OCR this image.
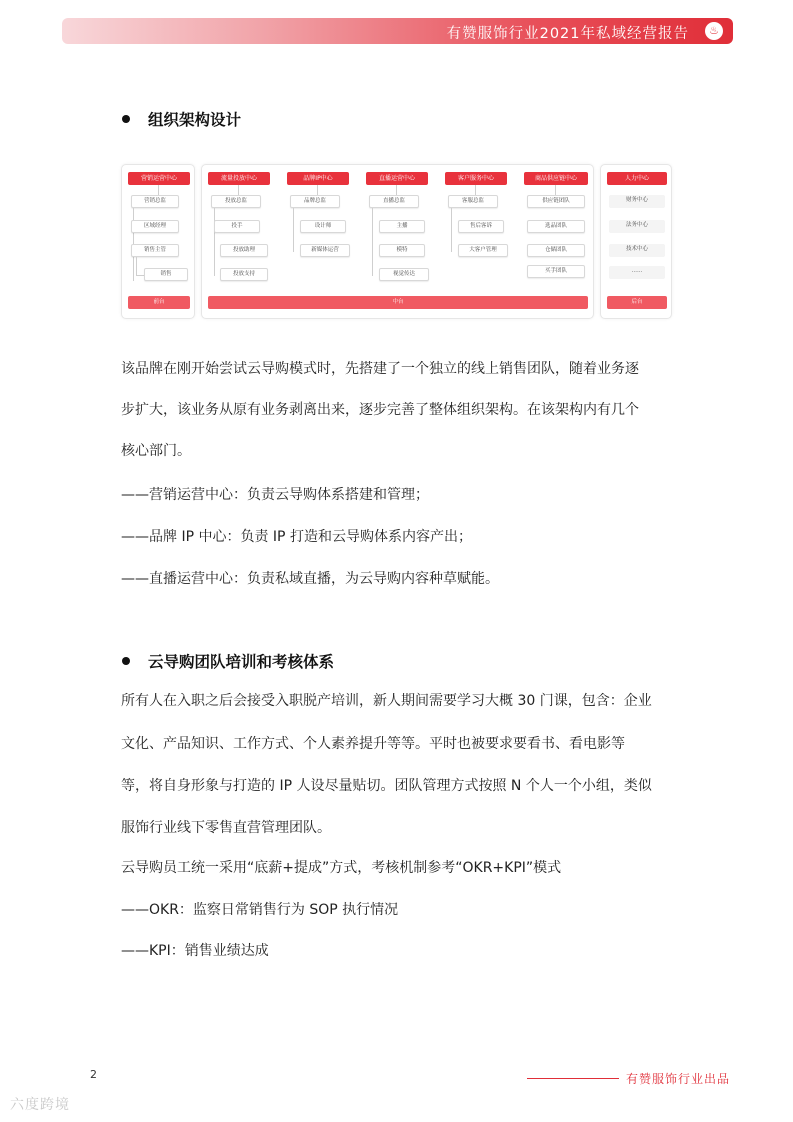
有赞服饰行业2021年私域经营报告	♨
组织架构设计
营销运营中心
营销总监
区域经理
销售主管
销售
前台
流量投放中心
投放总监
投手
投放助理
投放支持
品牌IP中心
品牌总监
设计师
新媒体运营
直播运营中心
直播总监
主播
模特
视觉传达
客户服务中心
客服总监
售后客诉
大客户管理
商品供应链中心
供应链团队
选品团队
仓储团队
买手团队
中台
人力中心
财务中心
法务中心
技术中心
……
后台
该品牌在刚开始尝试云导购模式时，先搭建了一个独立的线上销售团队，随着业务逐
步扩大，该业务从原有业务剥离出来，逐步完善了整体组织架构。在该架构内有几个
核心部门。
——营销运营中心：负责云导购体系搭建和管理；
——品牌 IP 中心：负责 IP 打造和云导购体系内容产出；
——直播运营中心：负责私域直播，为云导购内容种草赋能。
云导购团队培训和考核体系
所有人在入职之后会接受入职脱产培训，新人期间需要学习大概 30 门课，包含：企业
文化、产品知识、工作方式、个人素养提升等等。平时也被要求要看书、看电影等
等，将自身形象与打造的 IP 人设尽量贴切。团队管理方式按照 N 个人一个小组，类似
服饰行业线下零售直营管理团队。
云导购员工统一采用“底薪+提成”方式，考核机制参考“OKR+KPI”模式
——OKR：监察日常销售行为 SOP 执行情况
——KPI：销售业绩达成
2	有赞服饰行业出品
六度跨境
